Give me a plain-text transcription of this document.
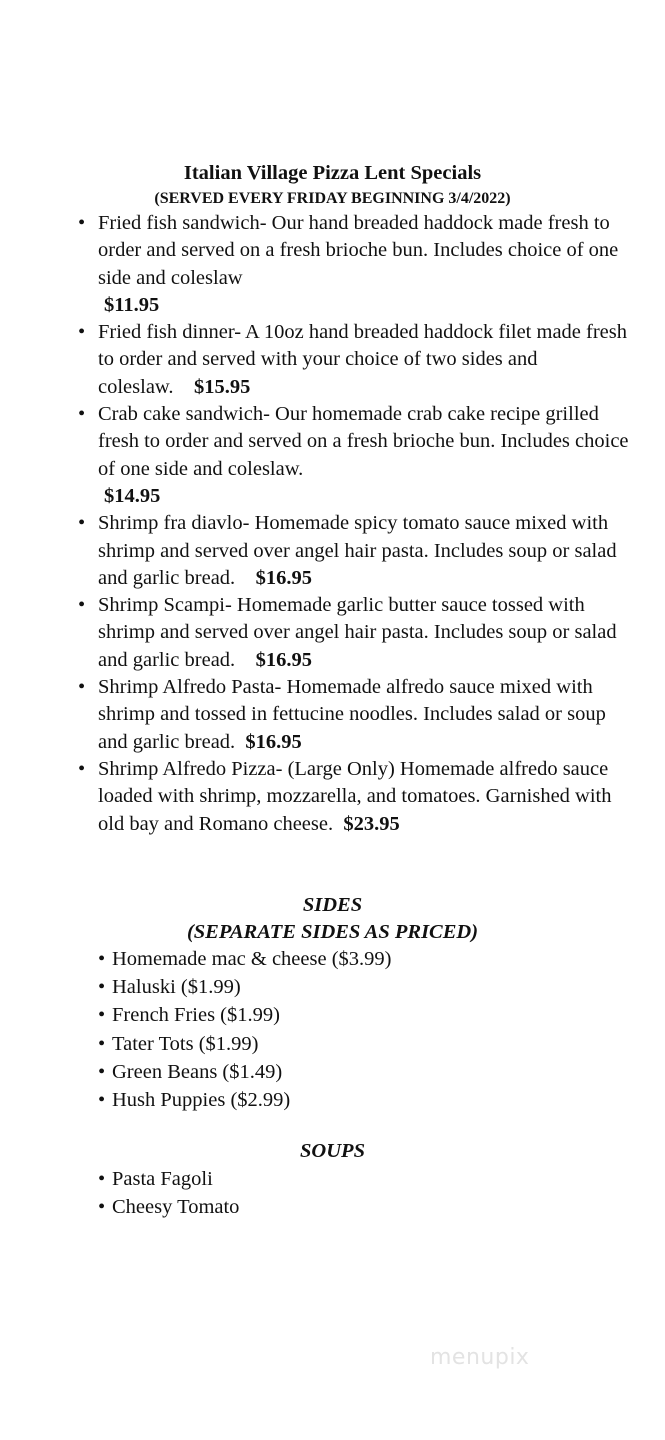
Italian Village Pizza Lent Specials
(SERVED EVERY FRIDAY BEGINNING 3/4/2022)
• Fried fish sandwich- Our hand breaded haddock made fresh to order and served on a fresh brioche bun. Includes choice of one side and coleslaw
$11.95
• Fried fish dinner- A 10oz hand breaded haddock filet made fresh to order and served with your choice of two sides and coleslaw. $15.95
• Crab cake sandwich- Our homemade crab cake recipe grilled fresh to order and served on a fresh brioche bun. Includes choice of one side and coleslaw.
$14.95
• Shrimp fra diavlo- Homemade spicy tomato sauce mixed with shrimp and served over angel hair pasta. Includes soup or salad and garlic bread. $16.95
• Shrimp Scampi- Homemade garlic butter sauce tossed with shrimp and served over angel hair pasta. Includes soup or salad and garlic bread. $16.95
• Shrimp Alfredo Pasta- Homemade alfredo sauce mixed with shrimp and tossed in fettucine noodles. Includes salad or soup and garlic bread. $16.95
• Shrimp Alfredo Pizza- (Large Only) Homemade alfredo sauce loaded with shrimp, mozzarella, and tomatoes. Garnished with old bay and Romano cheese. $23.95
SIDES
(SEPARATE SIDES AS PRICED)
• Homemade mac & cheese ($3.99)
• Haluski ($1.99)
• French Fries ($1.99)
• Tater Tots ($1.99)
• Green Beans ($1.49)
• Hush Puppies ($2.99)
SOUPS
• Pasta Fagoli
• Cheesy Tomato
menupix
